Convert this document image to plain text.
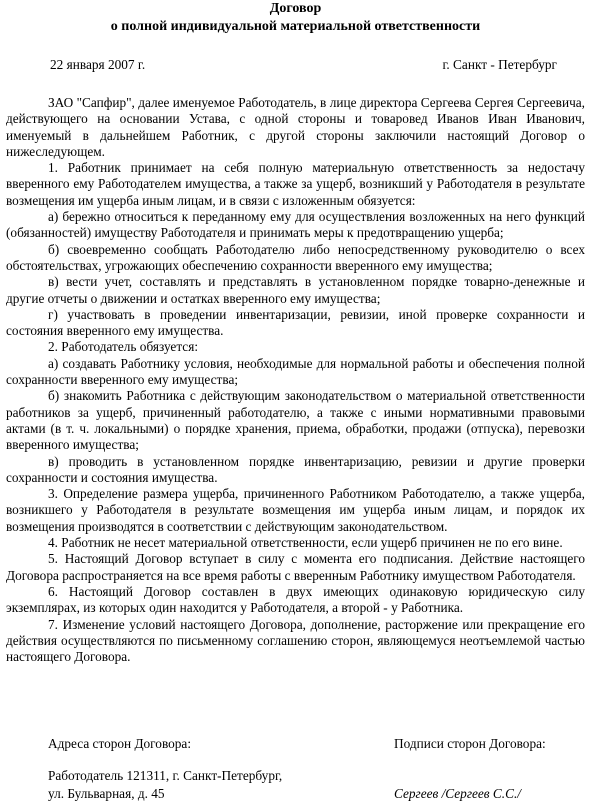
Договор

о полной индивидуальной материальной ответственности

22 января 2007 г.	г. Санкт - Петербург

ЗАО "Сапфир", далее именуемое Работодатель, в лице директора Сергеева Сергея Сергеевича, действующего на основании Устава, с одной стороны и товаровед Иванов Иван Иванович, именуемый в дальнейшем Работник, с другой стороны заключили настоящий Договор о нижеследующем.

1. Работник принимает на себя полную материальную ответственность за недостачу вверенного ему Работодателем имущества, а также за ущерб, возникший у Работодателя в результате возмещения им ущерба иным лицам, и в связи с изложенным обязуется:

а) бережно относиться к переданному ему для осуществления возложенных на него функций (обязанностей) имуществу Работодателя и принимать меры к предотвращению ущерба;

б) своевременно сообщать Работодателю либо непосредственному руководителю о всех обстоятельствах, угрожающих обеспечению сохранности вверенного ему имущества;

в) вести учет, составлять и представлять в установленном порядке товарно-денежные и другие отчеты о движении и остатках вверенного ему имущества;

г) участвовать в проведении инвентаризации, ревизии, иной проверке сохранности и состояния вверенного ему имущества.

2. Работодатель обязуется:

а) создавать Работнику условия, необходимые для нормальной работы и обеспечения полной сохранности вверенного ему имущества;

б) знакомить Работника с действующим законодательством о материальной ответственности работников за ущерб, причиненный работодателю, а также с иными нормативными правовыми актами (в т. ч. локальными) о порядке хранения, приема, обработки, продажи (отпуска), перевозки вверенного имущества;

в) проводить в установленном порядке инвентаризацию, ревизии и другие проверки сохранности и состояния имущества.

3. Определение размера ущерба, причиненного Работником Работодателю, а также ущерба, возникшего у Работодателя в результате возмещения им ущерба иным лицам, и порядок их возмещения производятся в соответствии с действующим законодательством.

4. Работник не несет материальной ответственности, если ущерб причинен не по его вине.

5. Настоящий Договор вступает в силу с момента его подписания. Действие настоящего Договора распространяется на все время работы с вверенным Работнику имуществом Работодателя.

6. Настоящий Договор составлен в двух имеющих одинаковую юридическую силу экземплярах, из которых один находится у Работодателя, а второй - у Работника.

7. Изменение условий настоящего Договора, дополнение, расторжение или прекращение его действия осуществляются по письменному соглашению сторон, являющемуся неотъемлемой частью настоящего Договора.

Адреса сторон Договора:	Подписи сторон Договора:
Работодатель 121311, г. Санкт-Петербург,
ул. Бульварная, д. 45	Сергеев /Сергеев С.С./
